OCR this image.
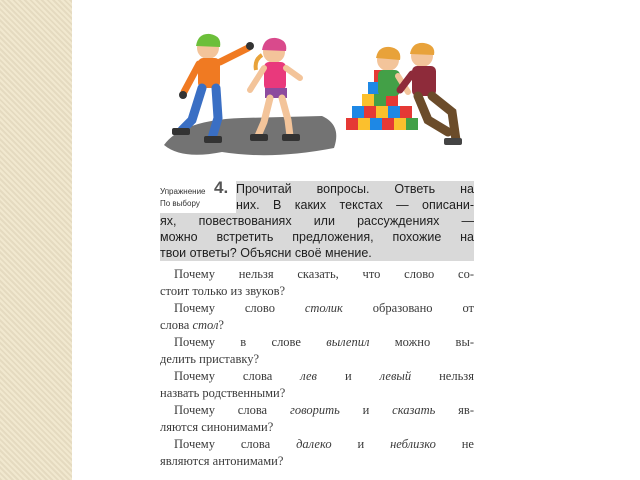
Упражнение
По выбору
4. Прочитай вопросы. Ответь на
них. В каких текстах — описани-
ях, повествованиях или рассуждениях —
можно встретить предложения, похожие на
твои ответы? Объясни своё мнение.
Почему нельзя сказать, что слово со-
стоит только из звуков?
Почему слово столик образовано от
слова стол?
Почему в слове вылепил можно вы-
делить приставку?
Почему слова лев и левый нельзя
назвать родственными?
Почему слова говорить и сказать яв-
ляются синонимами?
Почему слова далеко и неблизко не
являются антонимами?
